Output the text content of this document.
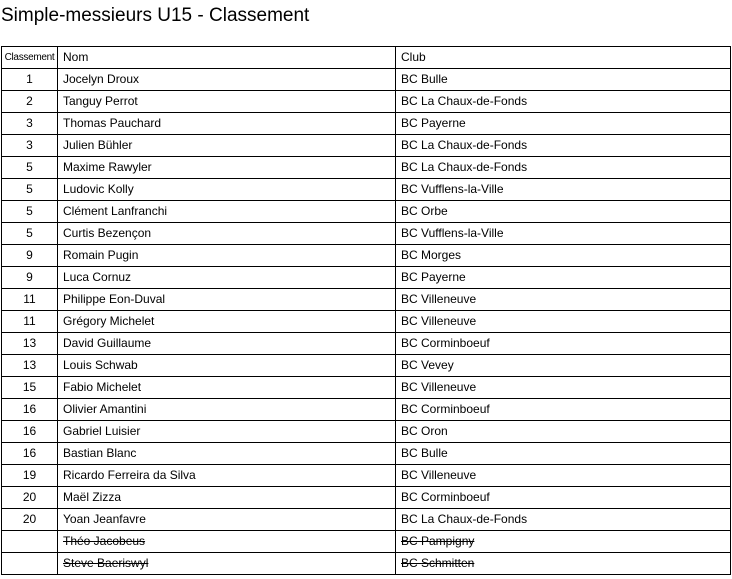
Simple-messieurs U15 - Classement
Classement	Nom	Club
1	Jocelyn Droux	BC Bulle
2	Tanguy Perrot	BC La Chaux-de-Fonds
3	Thomas Pauchard	BC Payerne
3	Julien Bühler	BC La Chaux-de-Fonds
5	Maxime Rawyler	BC La Chaux-de-Fonds
5	Ludovic Kolly	BC Vufflens-la-Ville
5	Clément Lanfranchi	BC Orbe
5	Curtis Bezençon	BC Vufflens-la-Ville
9	Romain Pugin	BC Morges
9	Luca Cornuz	BC Payerne
11	Philippe Eon-Duval	BC Villeneuve
11	Grégory Michelet	BC Villeneuve
13	David Guillaume	BC Corminboeuf
13	Louis Schwab	BC Vevey
15	Fabio Michelet	BC Villeneuve
16	Olivier Amantini	BC Corminboeuf
16	Gabriel Luisier	BC Oron
16	Bastian Blanc	BC Bulle
19	Ricardo Ferreira da Silva	BC Villeneuve
20	Maël Zizza	BC Corminboeuf
20	Yoan Jeanfavre	BC La Chaux-de-Fonds
	Théo Jacobeus	BC Pampigny
	Steve Baeriswyl	BC Schmitten
